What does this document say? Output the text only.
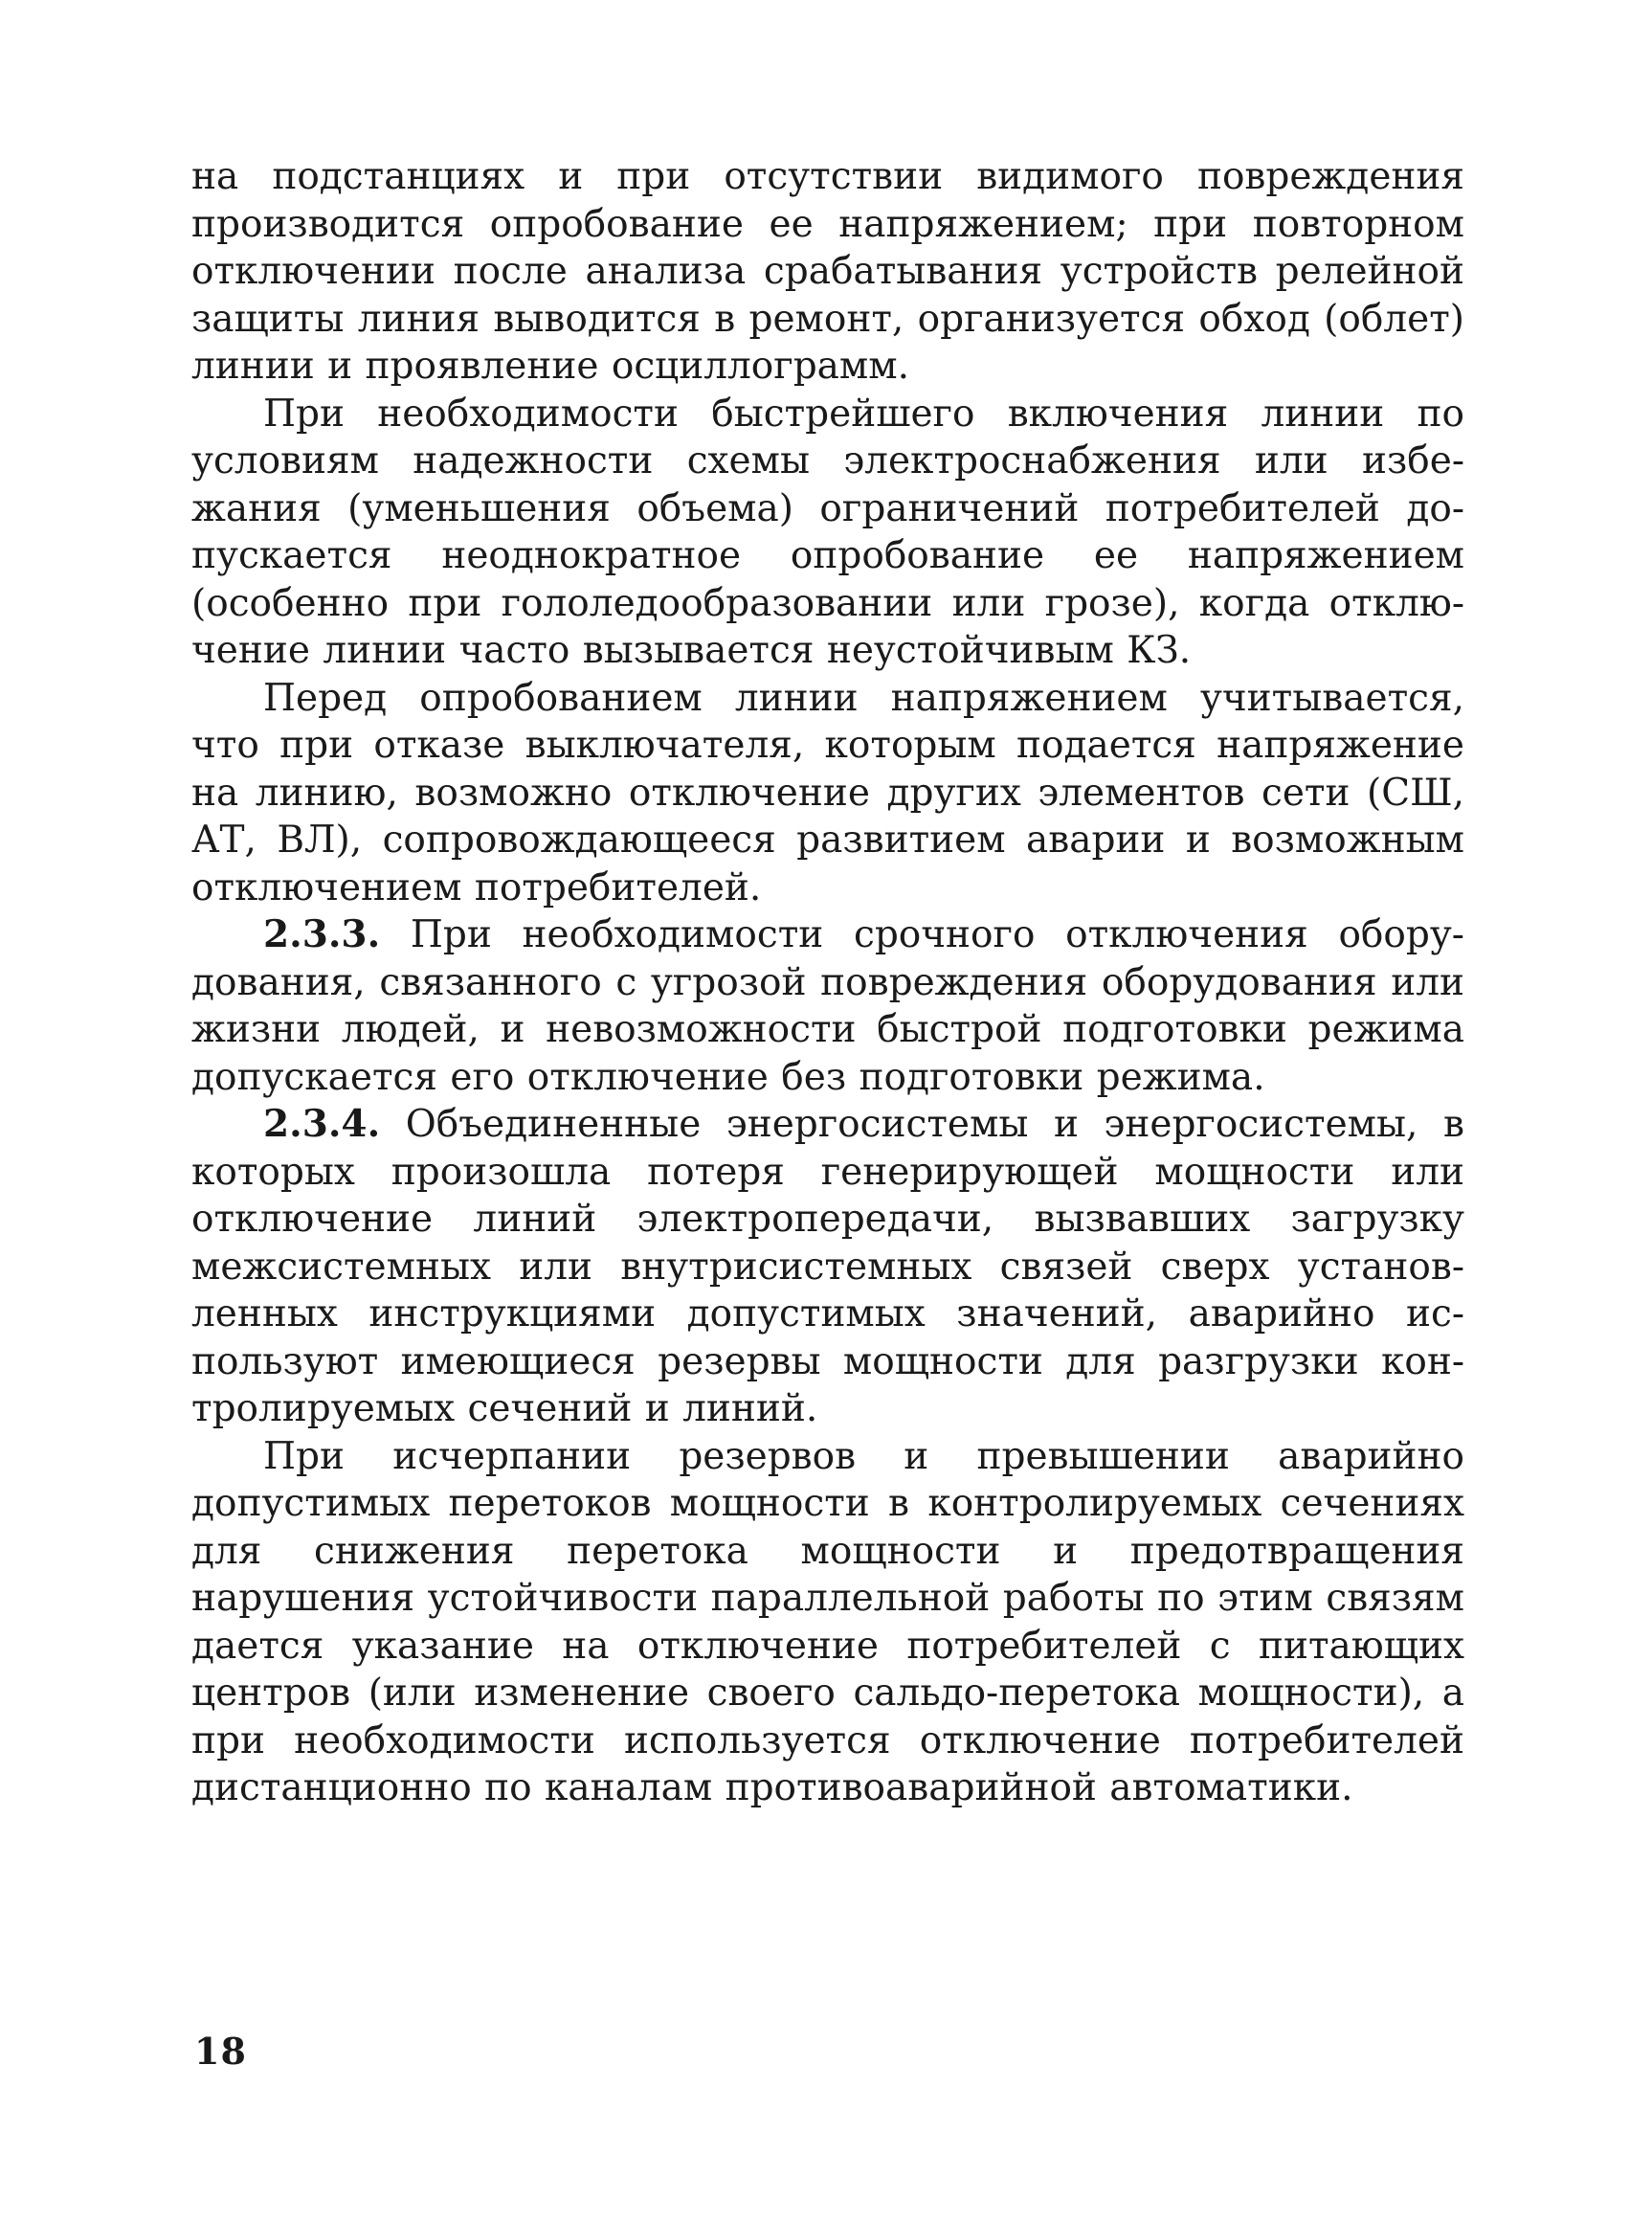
на подстанциях и при отсутствии видимого повреждения производится опробование ее напряжением; при повторном отключении после анализа срабатывания устройств релейной защиты линия выводится в ремонт, организуется обход (облет) линии и проявление осциллограмм.

При необходимости быстрейшего включения линии по условиям надежности схемы электроснабжения или избежания (уменьшения объема) ограничений потребителей допускается неоднократное опробование ее напряжением (особенно при гололедообразовании или грозе), когда отключение линии часто вызывается неустойчивым КЗ.

Перед опробованием линии напряжением учитывается, что при отказе выключателя, которым подается напряжение на линию, возможно отключение других элементов сети (СШ, АТ, ВЛ), сопровождающееся развитием аварии и возможным отключением потребителей.

2.3.3. При необходимости срочного отключения оборудования, связанного с угрозой повреждения оборудования или жизни людей, и невозможности быстрой подготовки режима допускается его отключение без подготовки режима.

2.3.4. Объединенные энергосистемы и энергосистемы, в которых произошла потеря генерирующей мощности или отключение линий электропередачи, вызвавших загрузку межсистемных или внутрисистемных связей сверх установленных инструкциями допустимых значений, аварийно используют имеющиеся резервы мощности для разгрузки контролируемых сечений и линий.

При исчерпании резервов и превышении аварийно допустимых перетоков мощности в контролируемых сечениях для снижения перетока мощности и предотвращения нарушения устойчивости параллельной работы по этим связям дается указание на отключение потребителей с питающих центров (или изменение своего сальдо-перетока мощности), а при необходимости используется отключение потребителей дистанционно по каналам противоаварийной автоматики.

18
